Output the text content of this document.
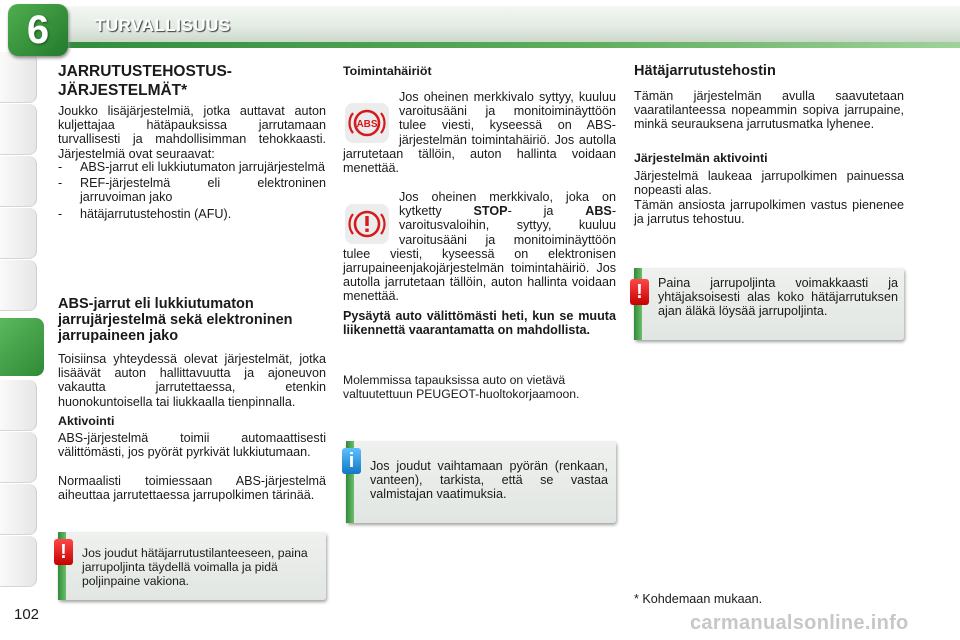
6	TURVALLISUUS
JARRUTUSTEHOSTUS-
JÄRJESTELMÄT*
Joukko lisäjärjestelmiä, jotka auttavat auton kuljettajaa hätäpauksissa jarrutamaan turvallisesti ja mahdollisimman tehokkaasti. Järjestelmiä ovat seuraavat:
- ABS-jarrut eli lukkiutumaton jarrujärjestelmä
- REF-järjestelmä eli elektroninen jarruvoiman jako
- hätäjarrutustehostin (AFU).
ABS-jarrut eli lukkiutumaton jarrujärjestelmä sekä elektroninen jarrupaineen jako
Toisiinsa yhteydessä olevat järjestelmät, jotka lisäävät auton hallittavuutta ja ajoneuvon vakautta jarrutettaessa, etenkin huonokuntoisella tai liukkaalla tienpinnalla.
Aktivointi
ABS-järjestelmä toimii automaattisesti välittömästi, jos pyörät pyrkivät lukkiutumaan.
Normaalisti toimiessaan ABS-järjestelmä aiheuttaa jarrutettaessa jarrupolkimen tärinää.
Jos joudut hätäjarrutustilanteeseen, paina jarrupoljinta täydellä voimalla ja pidä poljinpaine vakiona.
!
Toimintahäiriöt
ABS
Jos oheinen merkkivalo syttyy, kuuluu varoitusääni ja monitoiminäyttöön tulee viesti, kyseessä on ABS-järjestelmän toimintahäiriö. Jos autolla jarrutetaan tällöin, auton hallinta voidaan menettää.
Jos oheinen merkkivalo, joka on kytketty STOP- ja ABS-varoitusvaloihin, syttyy, kuuluu varoitusääni ja monitoiminäyttöön tulee viesti, kyseessä on elektronisen jarrupaineenjakojärjestelmän toimintahäiriö. Jos autolla jarrutetaan tällöin, auton hallinta voidaan menettää.
Pysäytä auto välittömästi heti, kun se muuta liikennettä vaarantamatta on mahdollista.
Molemmissa tapauksissa auto on vietävä valtuutettuun PEUGEOT-huoltokorjaamoon.
Jos joudut vaihtamaan pyörän (renkaan, vanteen), tarkista, että se vastaa valmistajan vaatimuksia.
i
Hätäjarrutustehostin
Tämän järjestelmän avulla saavutetaan vaaratilanteessa nopeammin sopiva jarrupaine, minkä seurauksena jarrutusmatka lyhenee.
Järjestelmän aktivointi
Järjestelmä laukeaa jarrupolkimen painuessa nopeasti alas.
Tämän ansiosta jarrupolkimen vastus pienenee ja jarrutus tehostuu.
Paina jarrupoljinta voimakkaasti ja yhtäjaksoisesti alas koko hätäjarrutuksen ajan äläkä löysää jarrupoljinta.
!
* Kohdemaan mukaan.
102	carmanualsonline.info
